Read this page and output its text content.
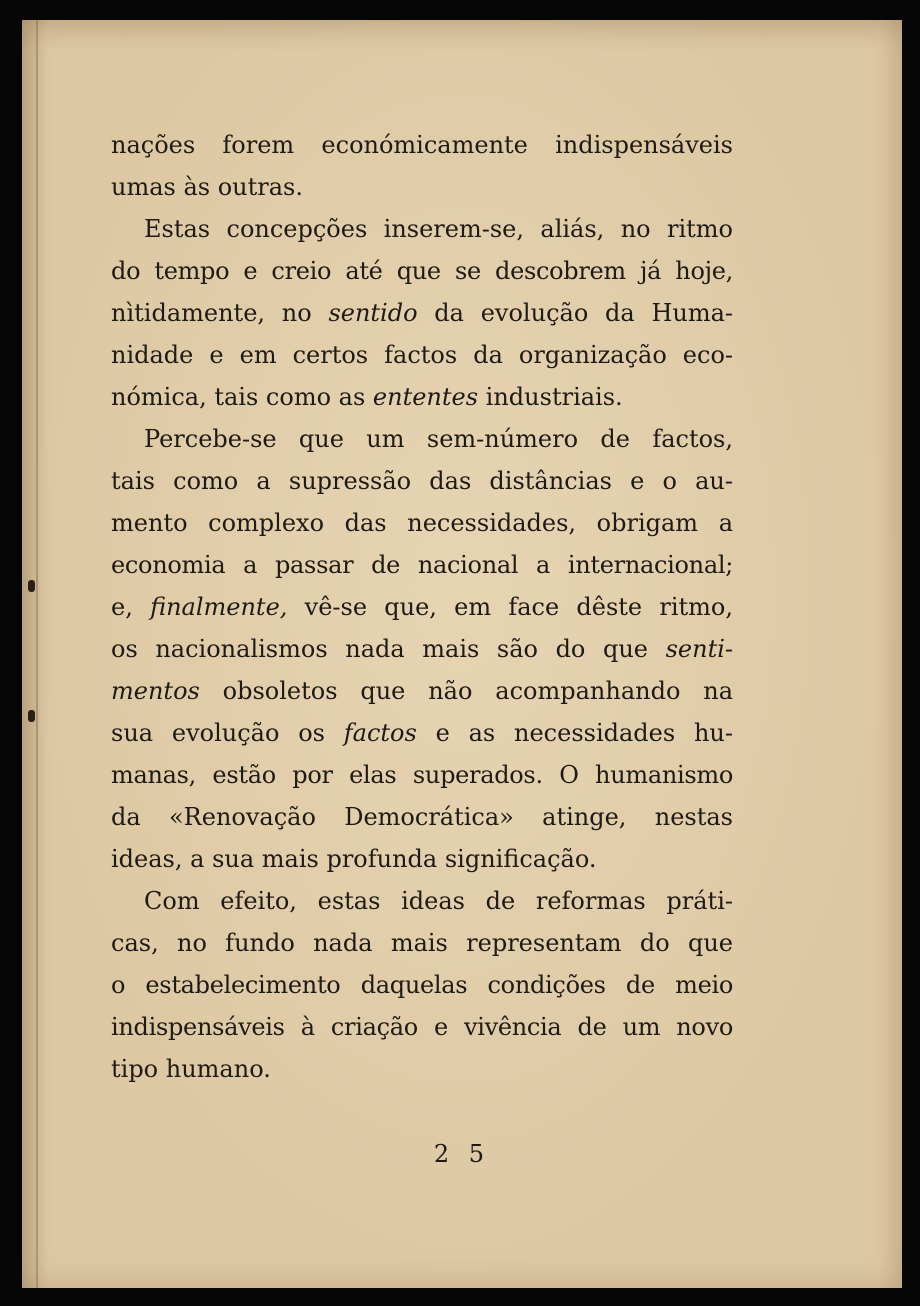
nações forem económicamente indispensáveis
umas às outras.
Estas concepções inserem-se, aliás, no ritmo
do tempo e creio até que se descobrem já hoje,
nìtidamente, no sentido da evolução da Huma-
nidade e em certos factos da organização eco-
nómica, tais como as ententes industriais.
Percebe-se que um sem-número de factos,
tais como a supressão das distâncias e o au-
mento complexo das necessidades, obrigam a
economia a passar de nacional a internacional;
e, finalmente, vê-se que, em face dêste ritmo,
os nacionalismos nada mais são do que senti-
mentos obsoletos que não acompanhando na
sua evolução os factos e as necessidades hu-
manas, estão por elas superados. O humanismo
da «Renovação Democrática» atinge, nestas
ideas, a sua mais profunda significação.
Com efeito, estas ideas de reformas práti-
cas, no fundo nada mais representam do que
o estabelecimento daquelas condições de meio
indispensáveis à criação e vivência de um novo
tipo humano.
2 5
